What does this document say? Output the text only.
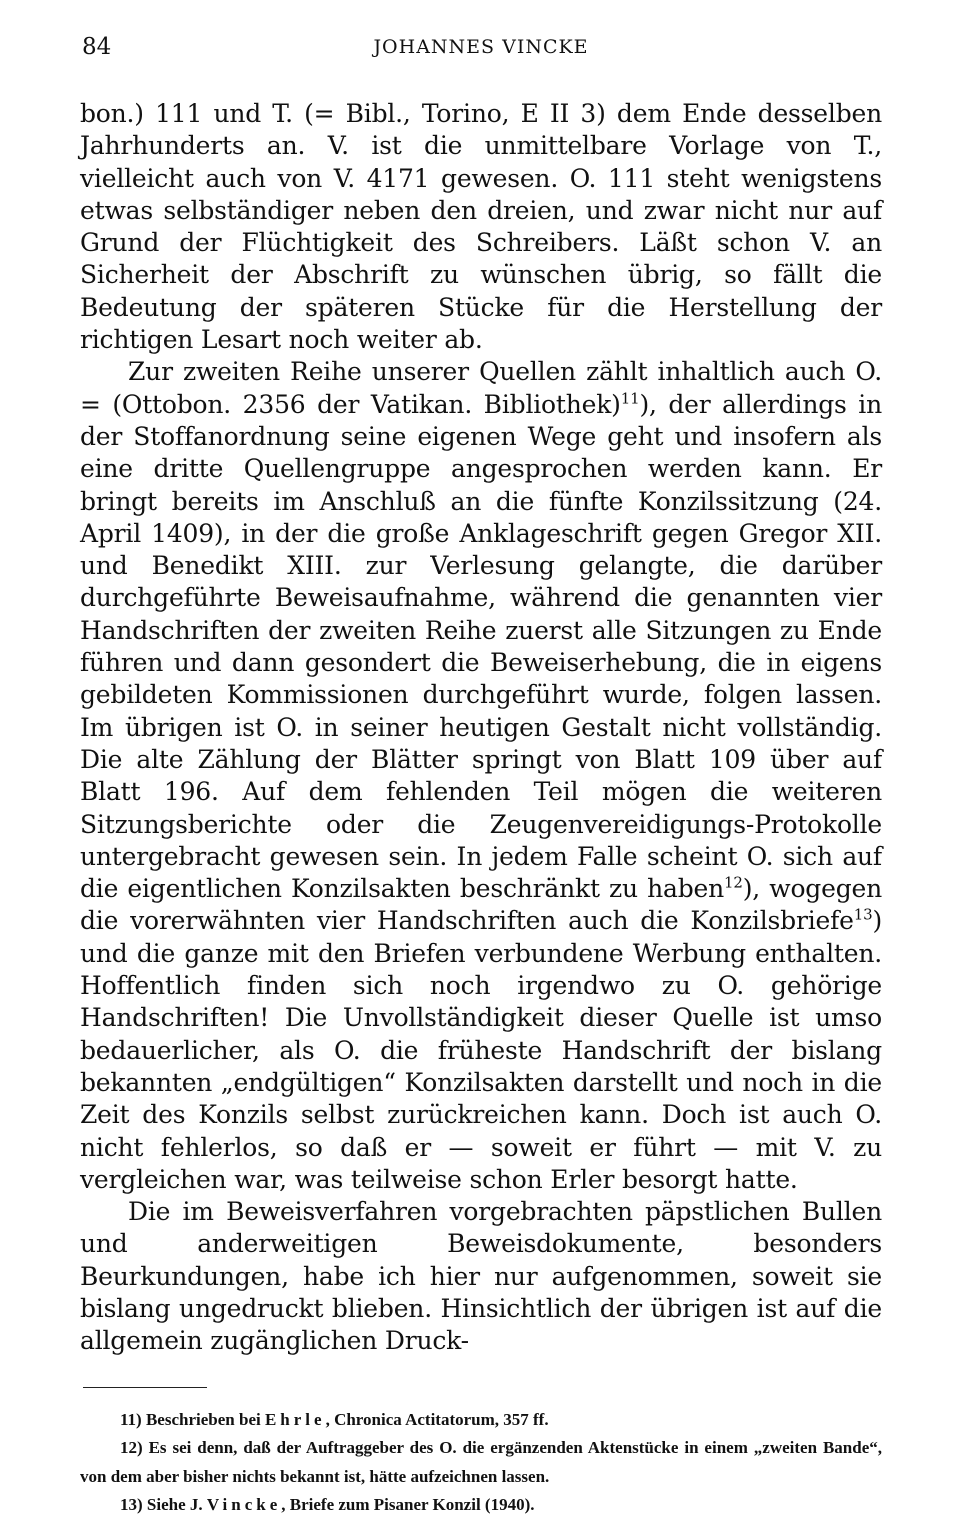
84	JOHANNES VINCKE

bon.) 111 und T. (= Bibl., Torino, E II 3) dem Ende desselben Jahrhunderts an. V. ist die unmittelbare Vorlage von T., vielleicht auch von V. 4171 gewesen. O. 111 steht wenigstens etwas selbständiger neben den dreien, und zwar nicht nur auf Grund der Flüchtigkeit des Schreibers. Läßt schon V. an Sicherheit der Abschrift zu wünschen übrig, so fällt die Bedeutung der späteren Stücke für die Herstellung der richtigen Lesart noch weiter ab.

Zur zweiten Reihe unserer Quellen zählt inhaltlich auch O. = (Ottobon. 2356 der Vatikan. Bibliothek)$^{11}$), der allerdings in der Stoffanordnung seine eigenen Wege geht und insofern als eine dritte Quellengruppe angesprochen werden kann. Er bringt bereits im Anschluß an die fünfte Konzilssitzung (24. April 1409), in der die große Anklageschrift gegen Gregor XII. und Benedikt XIII. zur Verlesung gelangte, die darüber durchgeführte Beweisaufnahme, während die genannten vier Handschriften der zweiten Reihe zuerst alle Sitzungen zu Ende führen und dann gesondert die Beweiserhebung, die in eigens gebildeten Kommissionen durchgeführt wurde, folgen lassen. Im übrigen ist O. in seiner heutigen Gestalt nicht vollständig. Die alte Zählung der Blätter springt von Blatt 109 über auf Blatt 196. Auf dem fehlenden Teil mögen die weiteren Sitzungsberichte oder die Zeugenvereidigungs-Protokolle untergebracht gewesen sein. In jedem Falle scheint O. sich auf die eigentlichen Konzilsakten beschränkt zu haben$^{12}$), wogegen die vorerwähnten vier Handschriften auch die Konzilsbriefe$^{13}$) und die ganze mit den Briefen verbundene Werbung enthalten. Hoffentlich finden sich noch irgendwo zu O. gehörige Handschriften! Die Unvollständigkeit dieser Quelle ist umso bedauerlicher, als O. die früheste Handschrift der bislang bekannten „endgültigen“ Konzilsakten darstellt und noch in die Zeit des Konzils selbst zurückreichen kann. Doch ist auch O. nicht fehlerlos, so daß er — soweit er führt — mit V. zu vergleichen war, was teilweise schon Erler besorgt hatte.

Die im Beweisverfahren vorgebrachten päpstlichen Bullen und anderweitigen Beweisdokumente, besonders Beurkundungen, habe ich hier nur aufgenommen, soweit sie bislang ungedruckt blieben. Hinsichtlich der übrigen ist auf die allgemein zugänglichen Druck-

11) Beschrieben bei Ehrle, Chronica Actitatorum, 357 ff.

12) Es sei denn, daß der Auftraggeber des O. die ergänzenden Aktenstücke in einem „zweiten Bande“, von dem aber bisher nichts bekannt ist, hätte aufzeichnen lassen.

13) Siehe J. Vincke, Briefe zum Pisaner Konzil (1940).
